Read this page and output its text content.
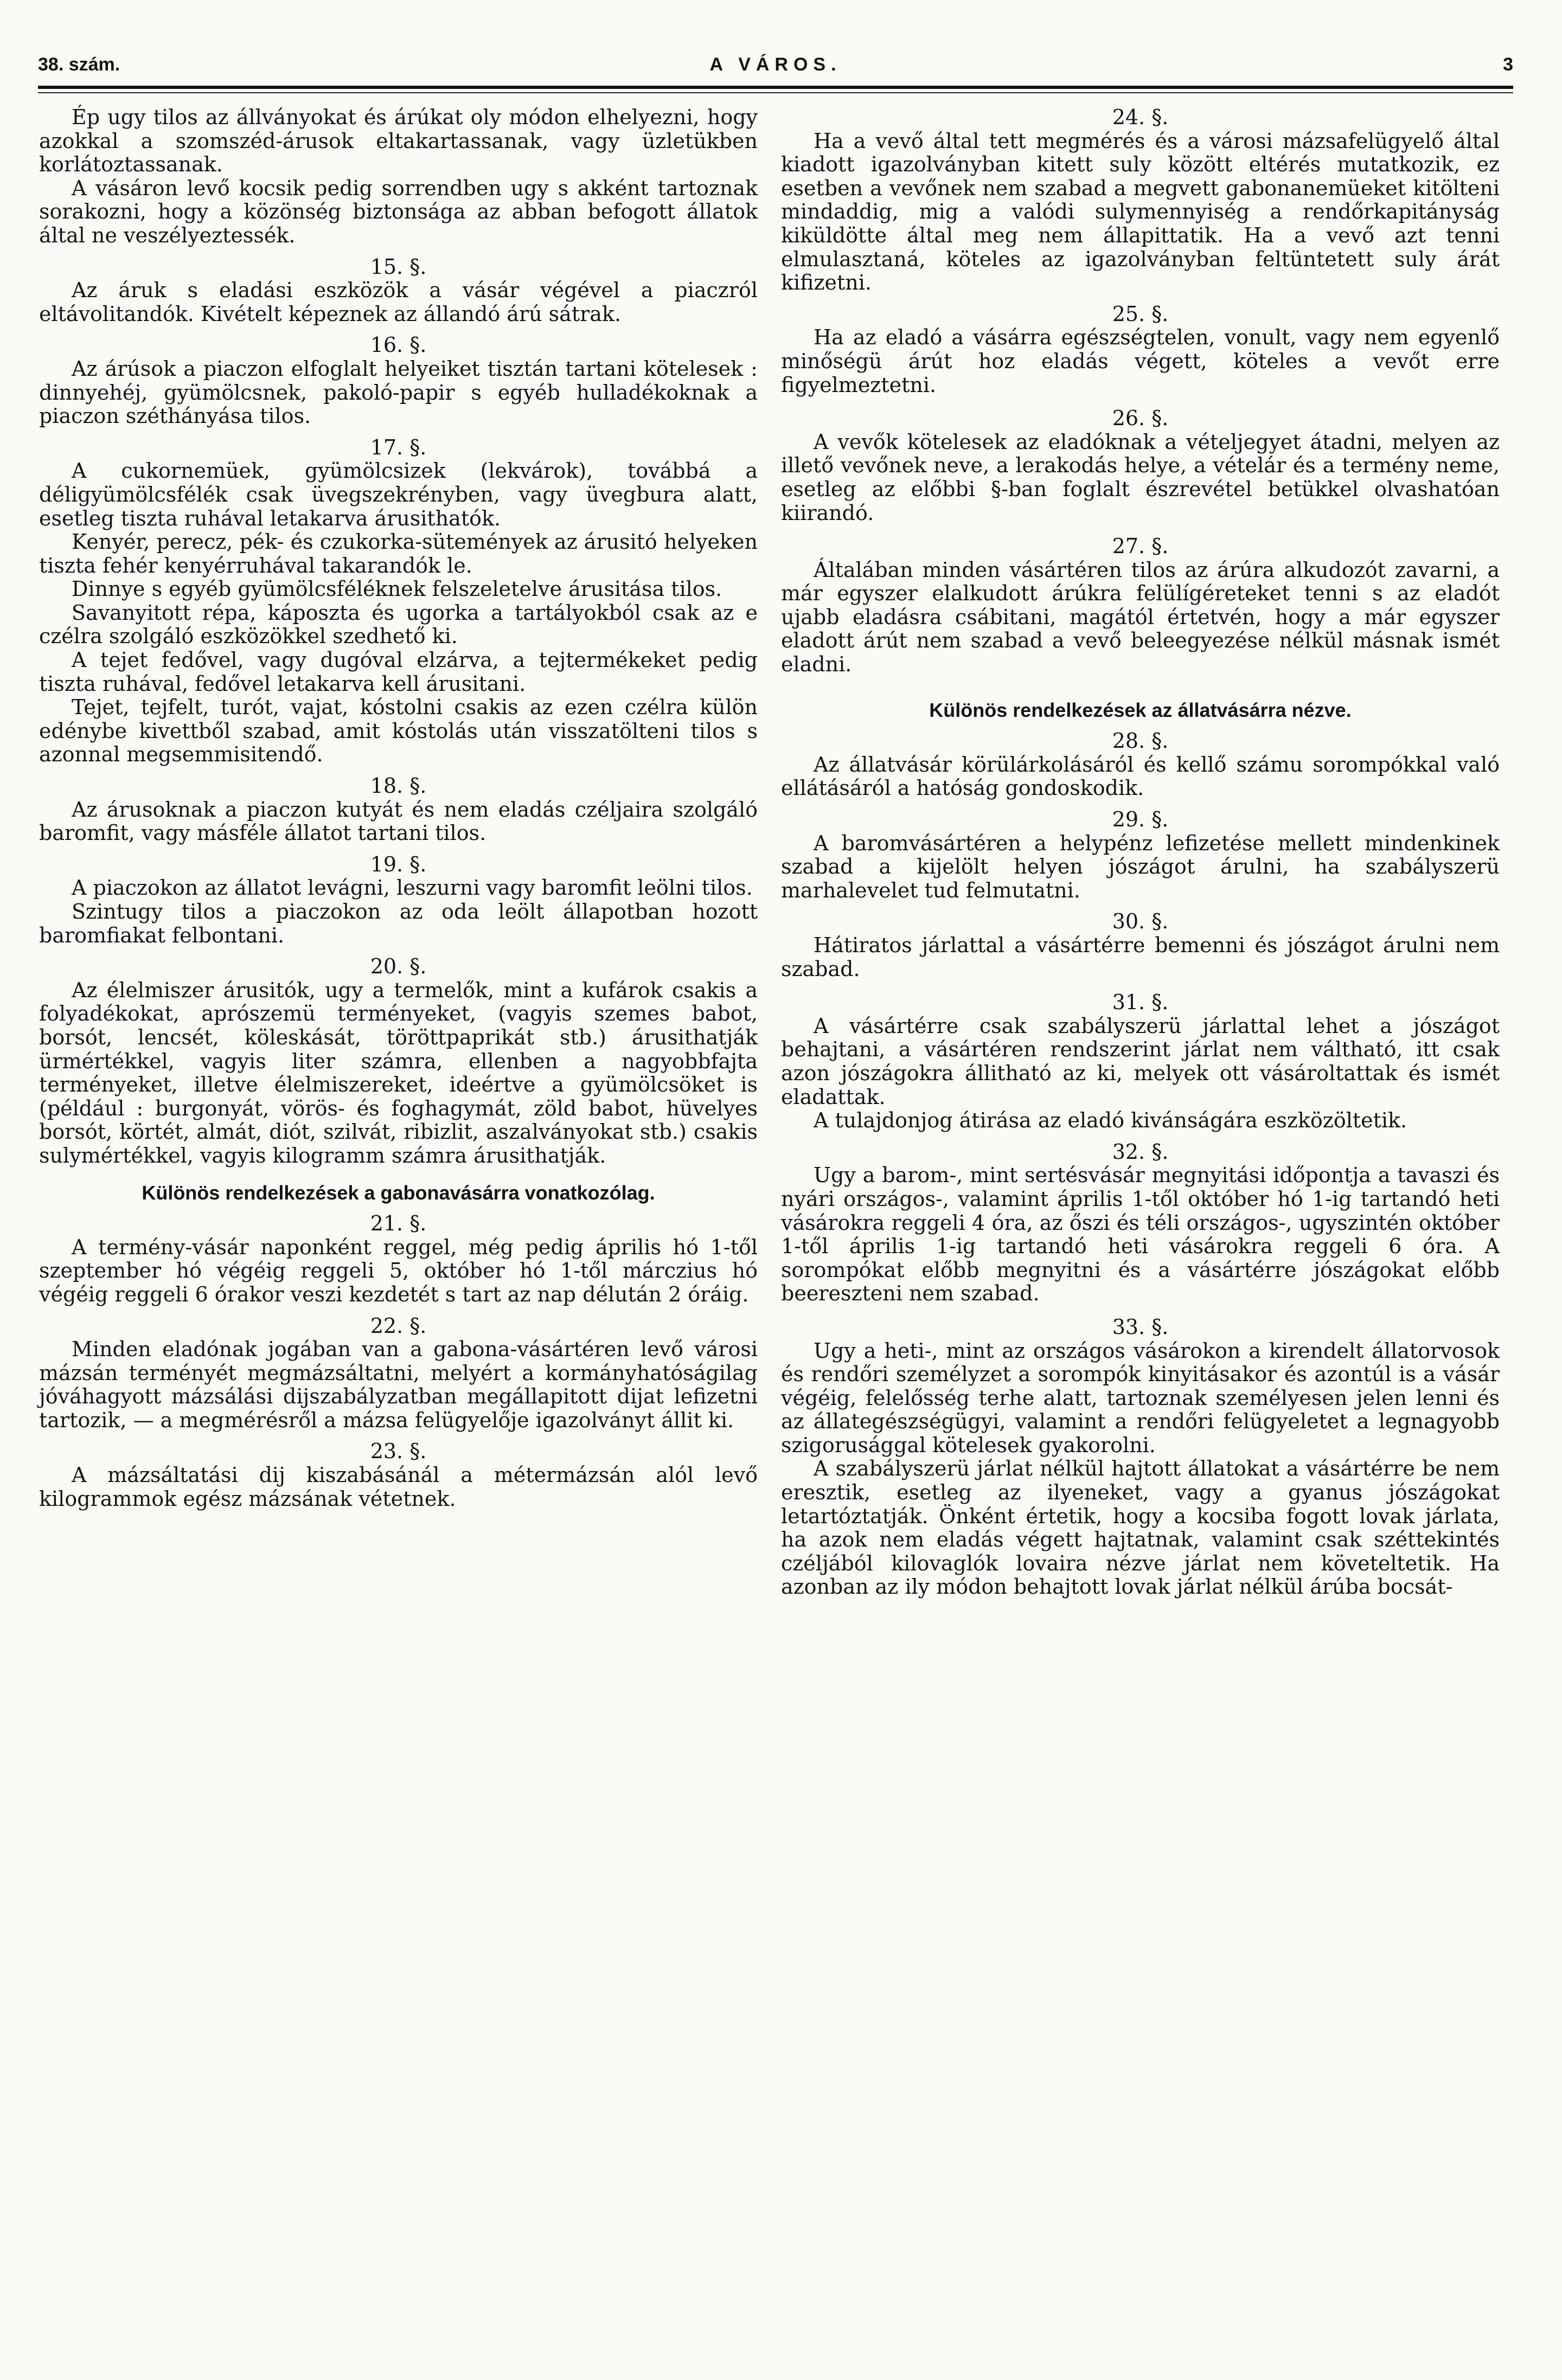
38. szám.	A VÁROS.	3

Ép ugy tilos az állványokat és árúkat oly módon elhelyezni, hogy azokkal a szomszéd-árusok eltakartassanak, vagy üzletükben korlátoztassanak.

A vásáron levő kocsik pedig sorrendben ugy s akként tartoznak sorakozni, hogy a közönség biztonsága az abban befogott állatok által ne veszélyeztessék.

15. §.

Az áruk s eladási eszközök a vásár végével a piaczról eltávolitandók. Kivételt képeznek az állandó árú sátrak.

16. §.

Az árúsok a piaczon elfoglalt helyeiket tisztán tartani kötelesek : dinnyehéj, gyümölcsnek, pakoló-papir s egyéb hulladékoknak a piaczon széthányása tilos.

17. §.

A cukornemüek, gyümölcsizek (lekvárok), továbbá a déligyümölcsfélék csak üvegszekrényben, vagy üvegbura alatt, esetleg tiszta ruhával letakarva árusithatók.

Kenyér, perecz, pék- és czukorka-sütemények az árusitó helyeken tiszta fehér kenyérruhával takarandók le.

Dinnye s egyéb gyümölcsféléknek felszeletelve árusitása tilos.

Savanyitott répa, káposzta és ugorka a tartályokból csak az e czélra szolgáló eszközökkel szedhető ki.

A tejet fedővel, vagy dugóval elzárva, a tejtermékeket pedig tiszta ruhával, fedővel letakarva kell árusitani.

Tejet, tejfelt, turót, vajat, kóstolni csakis az ezen czélra külön edénybe kivettből szabad, amit kóstolás után visszatölteni tilos s azonnal megsemmisitendő.

18. §.

Az árusoknak a piaczon kutyát és nem eladás czéljaira szolgáló baromfit, vagy másféle állatot tartani tilos.

19. §.

A piaczokon az állatot levágni, leszurni vagy baromfit leölni tilos.

Szintugy tilos a piaczokon az oda leölt állapotban hozott baromfiakat felbontani.

20. §.

Az élelmiszer árusitók, ugy a termelők, mint a kufárok csakis a folyadékokat, aprószemü terményeket, (vagyis szemes babot, borsót, lencsét, köleskását, töröttpaprikát stb.) árusithatják ürmértékkel, vagyis liter számra, ellenben a nagyobbfajta terményeket, illetve élelmiszereket, ideértve a gyümölcsöket is (például : burgonyát, vörös- és foghagymát, zöld babot, hüvelyes borsót, körtét, almát, diót, szilvát, ribizlit, aszalványokat stb.) csakis sulymértékkel, vagyis kilogramm számra árusithatják.

Különös rendelkezések a gabonavásárra vonatkozólag.

21. §.

A termény-vásár naponként reggel, még pedig április hó 1-től szeptember hó végéig reggeli 5, október hó 1-től márczius hó végéig reggeli 6 órakor veszi kezdetét s tart az nap délután 2 óráig.

22. §.

Minden eladónak jogában van a gabona-vásártéren levő városi mázsán terményét megmázsáltatni, melyért a kormányhatóságilag jóváhagyott mázsálási dijszabályzatban megállapitott dijat lefizetni tartozik, — a megmérésről a mázsa felügyelője igazolványt állit ki.

23. §.

A mázsáltatási dij kiszabásánál a métermázsán alól levő kilogrammok egész mázsának vétetnek.

24. §.

Ha a vevő által tett megmérés és a városi mázsafelügyelő által kiadott igazolványban kitett suly között eltérés mutatkozik, ez esetben a vevőnek nem szabad a megvett gabonanemüeket kitölteni mindaddig, mig a valódi sulymennyiség a rendőrkapitányság kiküldötte által meg nem állapittatik. Ha a vevő azt tenni elmulasztaná, köteles az igazolványban feltüntetett suly árát kifizetni.

25. §.

Ha az eladó a vásárra egészségtelen, vonult, vagy nem egyenlő minőségü árút hoz eladás végett, köteles a vevőt erre figyelmeztetni.

26. §.

A vevők kötelesek az eladóknak a vételjegyet átadni, melyen az illető vevőnek neve, a lerakodás helye, a vételár és a termény neme, esetleg az előbbi §-ban foglalt észrevétel betükkel olvashatóan kiirandó.

27. §.

Általában minden vásártéren tilos az árúra alkudozót zavarni, a már egyszer elalkudott árúkra felülígéreteket tenni s az eladót ujabb eladásra csábitani, magától értetvén, hogy a már egyszer eladott árút nem szabad a vevő beleegyezése nélkül másnak ismét eladni.

Különös rendelkezések az állatvásárra nézve.

28. §.

Az állatvásár körülárkolásáról és kellő számu sorompókkal való ellátásáról a hatóság gondoskodik.

29. §.

A baromvásártéren a helypénz lefizetése mellett mindenkinek szabad a kijelölt helyen jószágot árulni, ha szabályszerü marhalevelet tud felmutatni.

30. §.

Hátiratos járlattal a vásártérre bemenni és jószágot árulni nem szabad.

31. §.

A vásártérre csak szabályszerü járlattal lehet a jószágot behajtani, a vásártéren rendszerint járlat nem váltható, itt csak azon jószágokra állitható az ki, melyek ott vásároltattak és ismét eladattak.

A tulajdonjog átirása az eladó kivánságára eszközöltetik.

32. §.

Ugy a barom-, mint sertésvásár megnyitási időpontja a tavaszi és nyári országos-, valamint április 1-től október hó 1-ig tartandó heti vásárokra reggeli 4 óra, az őszi és téli országos-, ugyszintén október 1-től április 1-ig tartandó heti vásárokra reggeli 6 óra. A sorompókat előbb megnyitni és a vásártérre jószágokat előbb beereszteni nem szabad.

33. §.

Ugy a heti-, mint az országos vásárokon a kirendelt állatorvosok és rendőri személyzet a sorompók kinyitásakor és azontúl is a vásár végéig, felelősség terhe alatt, tartoznak személyesen jelen lenni és az állategészségügyi, valamint a rendőri felügyeletet a legnagyobb szigorusággal kötelesek gyakorolni.

A szabályszerü járlat nélkül hajtott állatokat a vásártérre be nem eresztik, esetleg az ilyeneket, vagy a gyanus jószágokat letartóztatják. Önként értetik, hogy a kocsiba fogott lovak járlata, ha azok nem eladás végett hajtatnak, valamint csak széttekintés czéljából kilovaglók lovaira nézve járlat nem követeltetik. Ha azonban az ily módon behajtott lovak járlat nélkül árúba bocsát-
